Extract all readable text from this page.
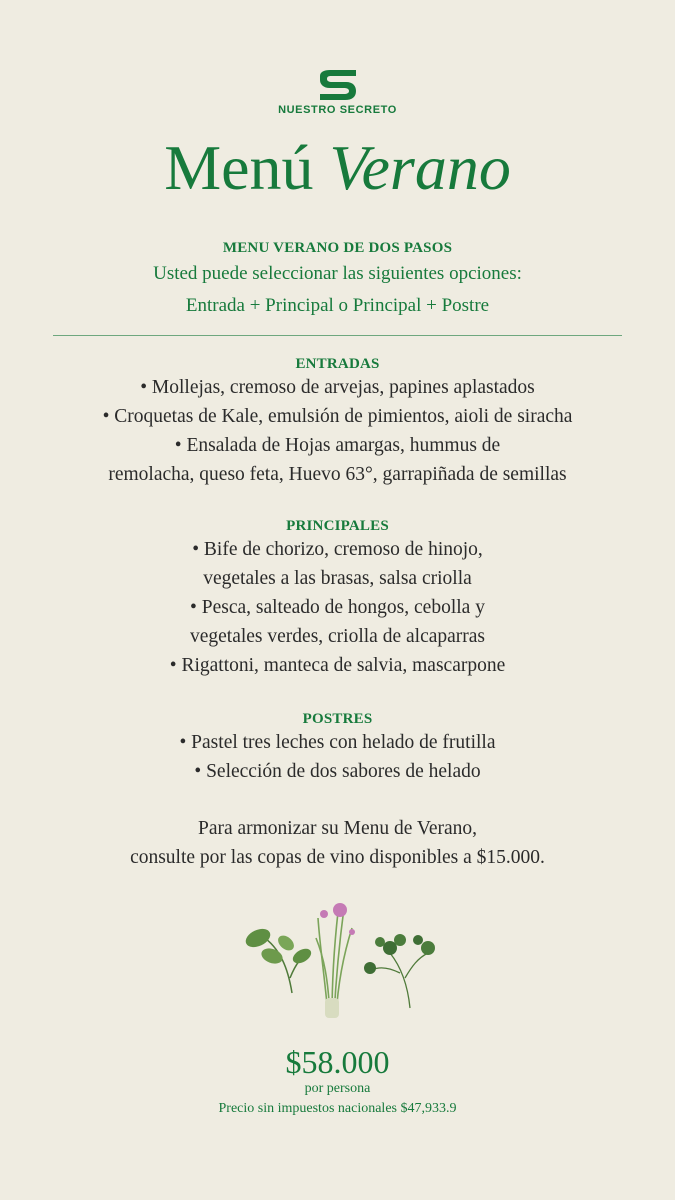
NUESTRO SECRETO
Menú Verano
MENU VERANO DE DOS PASOS
Usted puede seleccionar las siguientes opciones:
Entrada + Principal o Principal + Postre
ENTRADAS
• Mollejas, cremoso de arvejas, papines aplastados
• Croquetas de Kale, emulsión de pimientos, aioli de siracha
• Ensalada de Hojas amargas, hummus de
remolacha, queso feta, Huevo 63°, garrapiñada de semillas
PRINCIPALES
• Bife de chorizo, cremoso de hinojo,
vegetales a las brasas, salsa criolla
• Pesca, salteado de hongos, cebolla y
vegetales verdes, criolla de alcaparras
• Rigattoni, manteca de salvia, mascarpone
POSTRES
• Pastel tres leches con helado de frutilla
• Selección de dos sabores de helado
Para armonizar su Menu de Verano,
consulte por las copas de vino disponibles a $15.000.
$58.000
por persona
Precio sin impuestos nacionales $47,933.9
